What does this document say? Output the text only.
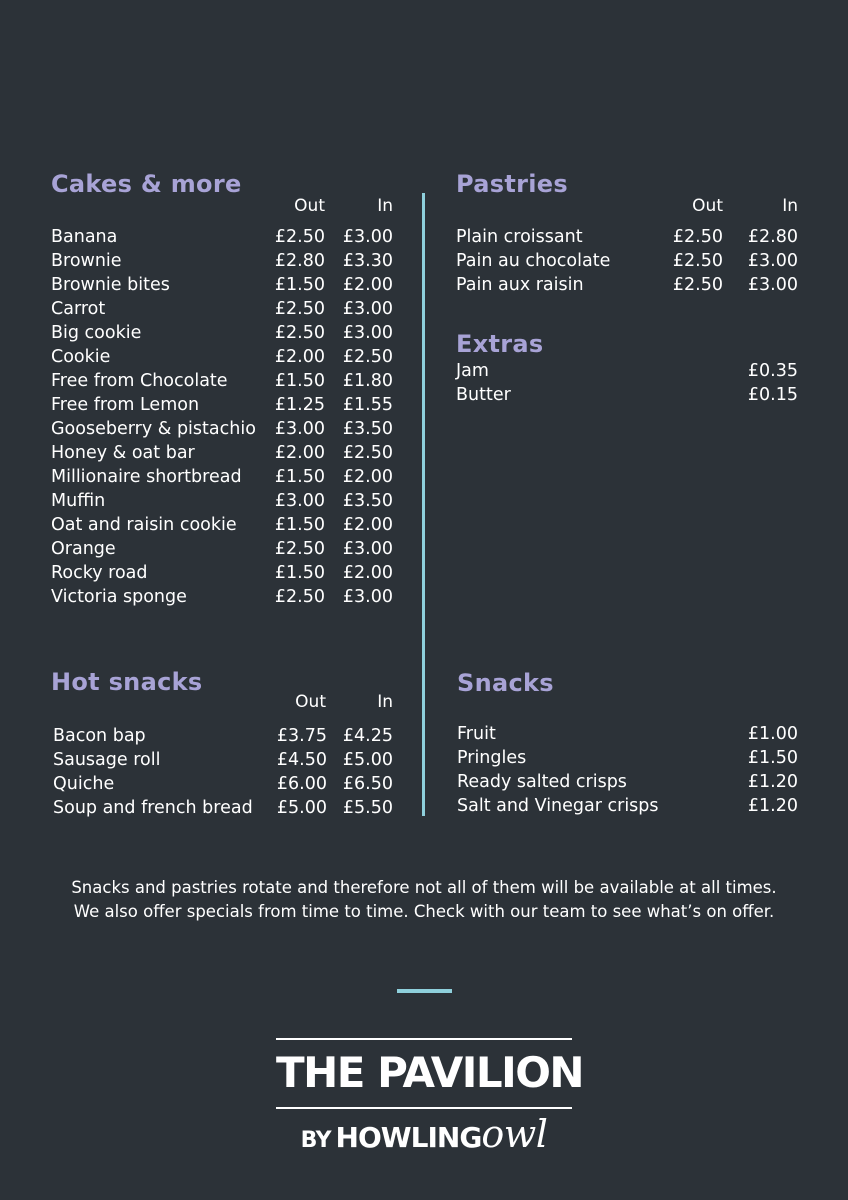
Cakes & more
Out	In
Banana	£2.50 £3.00
Brownie	£2.80 £3.30
Brownie bites	£1.50 £2.00
Carrot	£2.50 £3.00
Big cookie	£2.50 £3.00
Cookie	£2.00 £2.50
Free from Chocolate	£1.50 £1.80
Free from Lemon	£1.25 £1.55
Gooseberry & pistachio £3.00 £3.50
Honey & oat bar	£2.00 £2.50
Millionaire shortbread £1.50 £2.00
Muffin	£3.00 £3.50
Oat and raisin cookie £1.50 £2.00
Orange	£2.50 £3.00
Rocky road	£1.50 £2.00
Victoria sponge	£2.50 £3.00
Pastries
Out	In
Plain croissant	£2.50 £2.80
Pain au chocolate	£2.50 £3.00
Pain aux raisin	£2.50 £3.00
Extras
Jam	£0.35
Butter	£0.15
Hot snacks
Out	In
Bacon bap	£3.75 £4.25
Sausage roll	£4.50 £5.00
Quiche	£6.00 £6.50
Soup and french bread £5.00 £5.50
Snacks
Fruit	£1.00
Pringles	£1.50
Ready salted crisps	£1.20
Salt and Vinegar crisps	£1.20
Snacks and pastries rotate and therefore not all of them will be available at all times.
We also offer specials from time to time. Check with our team to see what’s on offer.
THE PAVILION
BY HOWLINGowl
